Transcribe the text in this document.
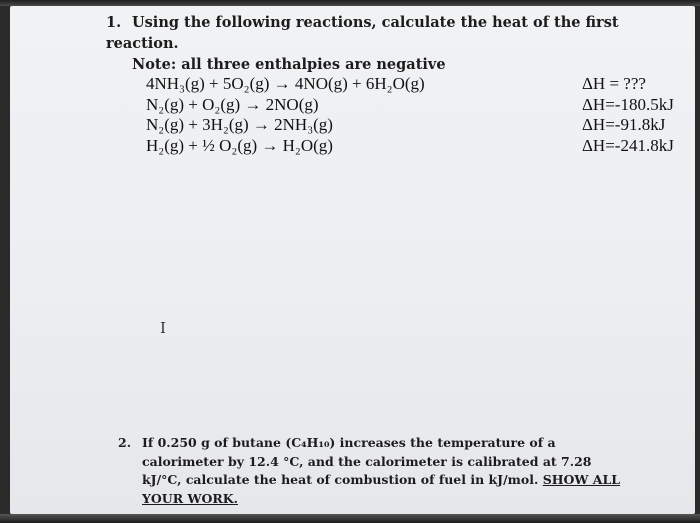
1. Using the following reactions, calculate the heat of the first reaction.
Note: all three enthalpies are negative
4NH₃(g) + 5O₂(g) → 4NO(g) + 6H₂O(g)	ΔH = ???
N₂(g) + O₂(g) → 2NO(g)	ΔH=-180.5kJ
N₂(g) + 3H₂(g) → 2NH₃(g)	ΔH=-91.8kJ
H₂(g) + ½ O₂(g) → H₂O(g)	ΔH=-241.8kJ
I
2. If 0.250 g of butane (C₄H₁₀) increases the temperature of a
calorimeter by 12.4 °C, and the calorimeter is calibrated at 7.28
kJ/°C, calculate the heat of combustion of fuel in kJ/mol. SHOW ALL
YOUR WORK.
